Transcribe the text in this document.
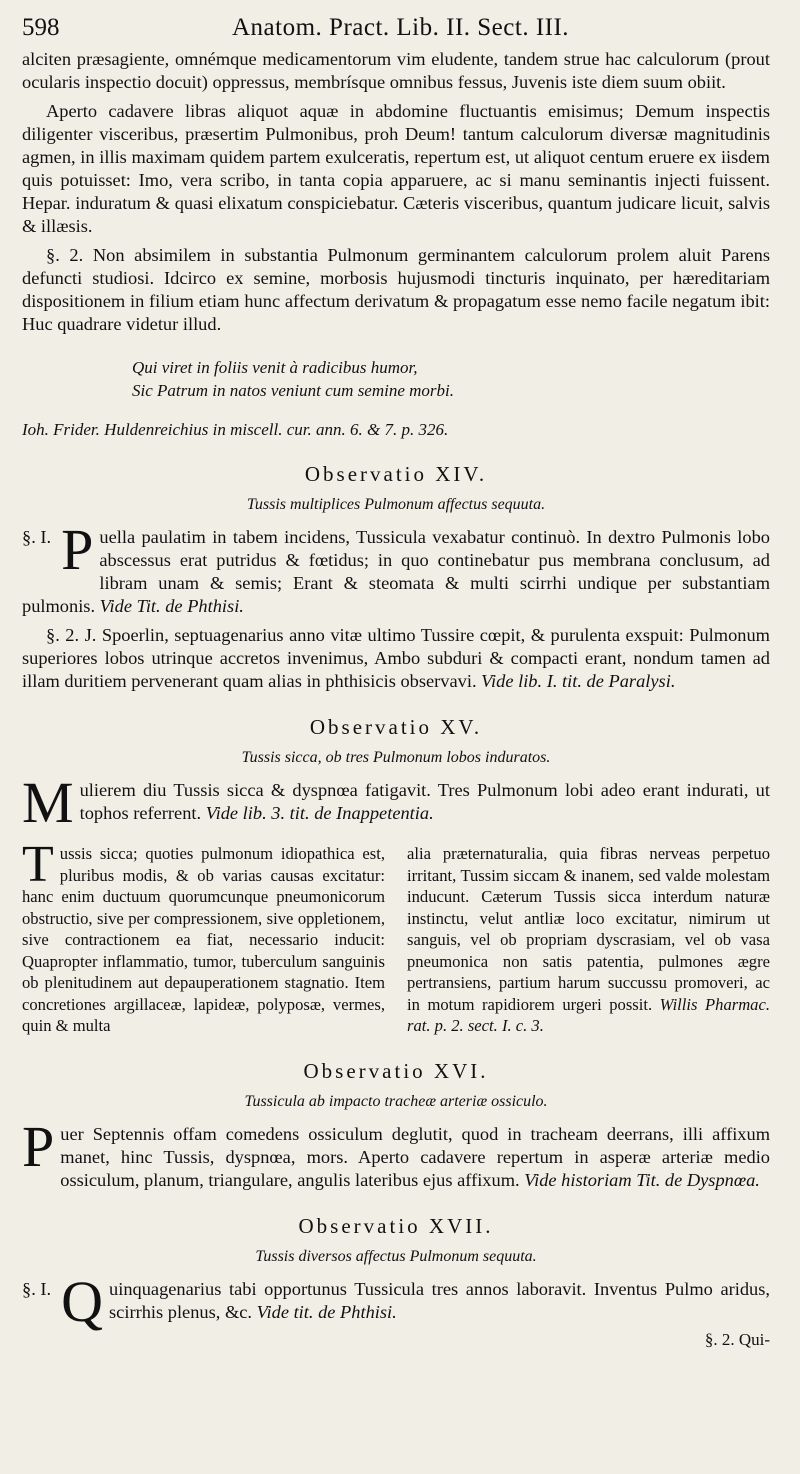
598	Anatom. Pract. Lib. II. Sect. III.

alciten præsagiente, omnémque medicamentorum vim eludente, tandem strue hac calculorum (prout ocularis inspectio docuit) oppressus, membrísque omnibus fessus, Juvenis iste diem suum obiit.

Aperto cadavere libras aliquot aquæ in abdomine fluctuantis emisimus; Demum inspectis diligenter visceribus, præsertim Pulmonibus, proh Deum! tantum calculorum diversæ magnitudinis agmen, in illis maximam quidem partem exulceratis, repertum est, ut aliquot centum eruere ex iisdem quis potuisset: Imo, vera scribo, in tanta copia apparuere, ac si manu seminantis injecti fuissent. Hepar. induratum & quasi elixatum conspiciebatur. Cæteris visceribus, quantum judicare licuit, salvis & illæsis.

§. 2. Non absimilem in substantia Pulmonum germinantem calculorum prolem aluit Parens defuncti studiosi. Idcirco ex semine, morbosis hujusmodi tincturis inquinato, per hæreditariam dispositionem in filium etiam hunc affectum derivatum & propagatum esse nemo facile negatum ibit: Huc quadrare videtur illud.

Qui viret in foliis venit à radicibus humor,
Sic Patrum in natos veniunt cum semine morbi.
Ioh. Frider. Huldenreichius in miscell. cur. ann. 6. & 7. p. 326.
Observatio XIV.
Tussis multiplices Pulmonum affectus sequuta.

§. I. P uella paulatim in tabem incidens, Tussicula vexabatur continuò. In dextro Pulmonis lobo abscessus erat putridus & fœtidus; in quo continebatur pus membrana conclusum, ad libram unam & semis; Erant & steomata & multi scirrhi undique per substantiam pulmonis. Vide Tit. de Phthisi.

§. 2. J. Spoerlin, septuagenarius anno vitæ ultimo Tussire cœpit, & purulenta exspuit: Pulmonum superiores lobos utrinque accretos invenimus, Ambo subduri & compacti erant, nondum tamen ad illam duritiem pervenerant quam alias in phthisicis observavi. Vide lib. I. tit. de Paralysi.

Observatio XV.
Tussis sicca, ob tres Pulmonum lobos induratos.

M ulierem diu Tussis sicca & dyspnœa fatigavit. Tres Pulmonum lobi adeo erant indurati, ut tophos referrent. Vide lib. 3. tit. de Inappetentia.

T ussis sicca; quoties pulmonum idiopathica est, pluribus modis, & ob varias causas excitatur: hanc enim ductuum quorumcunque pneumonicorum obstructio, sive per compressionem, sive oppletionem, sive contractionem ea fiat, necessario inducit: Quapropter inflammatio, tumor, tuberculum sanguinis ob plenitudinem aut depauperationem stagnatio. Item concretiones argillaceæ, lapideæ, polyposæ, vermes, quin & multa
alia præternaturalia, quia fibras nerveas perpetuo irritant, Tussim siccam & inanem, sed valde molestam inducunt. Cæterum Tussis sicca interdum naturæ instinctu, velut antliæ loco excitatur, nimirum ut sanguis, vel ob propriam dyscrasiam, vel ob vasa pneumonica non satis patentia, pulmones ægre pertransiens, partium harum succussu promoveri, ac in motum rapidiorem urgeri possit. Willis Pharmac. rat. p. 2. sect. I. c. 3.
Observatio XVI.
Tussicula ab impacto tracheæ arteriæ ossiculo.

P uer Septennis offam comedens ossiculum deglutit, quod in tracheam deerrans, illi affixum manet, hinc Tussis, dyspnœa, mors. Aperto cadavere repertum in asperæ arteriæ medio ossiculum, planum, triangulare, angulis lateribus ejus affixum. Vide historiam Tit. de Dyspnœa.

Observatio XVII.
Tussis diversos affectus Pulmonum sequuta.

§. I. Q uinquagenarius tabi opportunus Tussicula tres annos laboravit. Inventus Pulmo aridus, scirrhis plenus, &c. Vide tit. de Phthisi.

§. 2. Qui-
